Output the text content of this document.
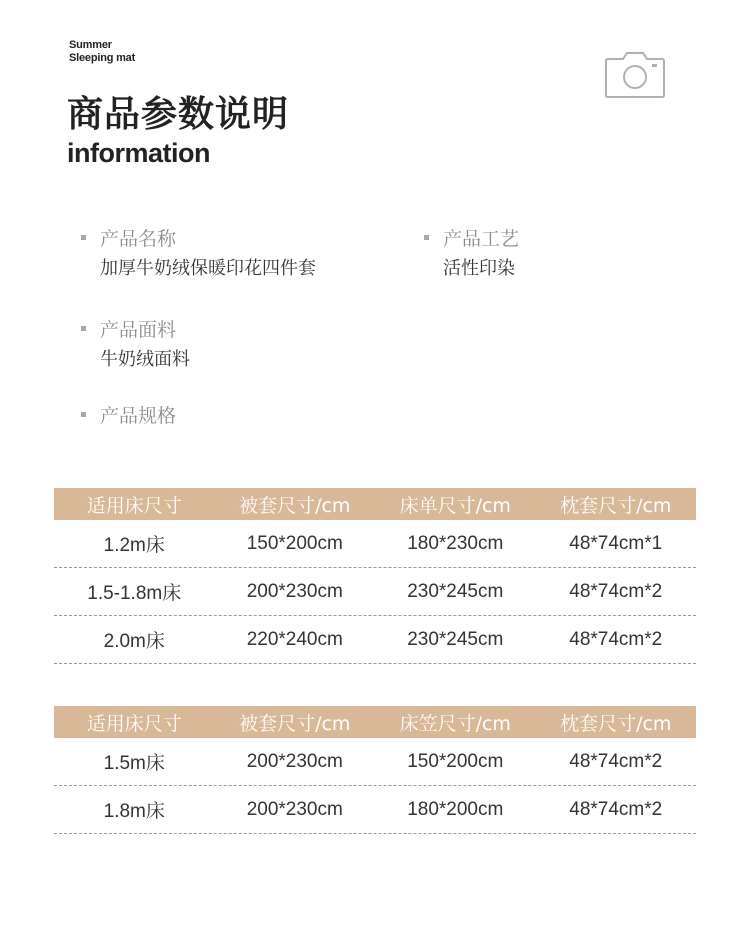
Summer
Sleeping mat
商品参数说明
information
产品名称
加厚牛奶绒保暖印花四件套
产品工艺
活性印染
产品面料
牛奶绒面料
产品规格
适用床尺寸	被套尺寸/cm	床单尺寸/cm	枕套尺寸/cm
1.2m床	150*200cm	180*230cm	48*74cm*1
1.5-1.8m床	200*230cm	230*245cm	48*74cm*2
2.0m床	220*240cm	230*245cm	48*74cm*2
适用床尺寸	被套尺寸/cm	床笠尺寸/cm	枕套尺寸/cm
1.5m床	200*230cm	150*200cm	48*74cm*2
1.8m床	200*230cm	180*200cm	48*74cm*2
